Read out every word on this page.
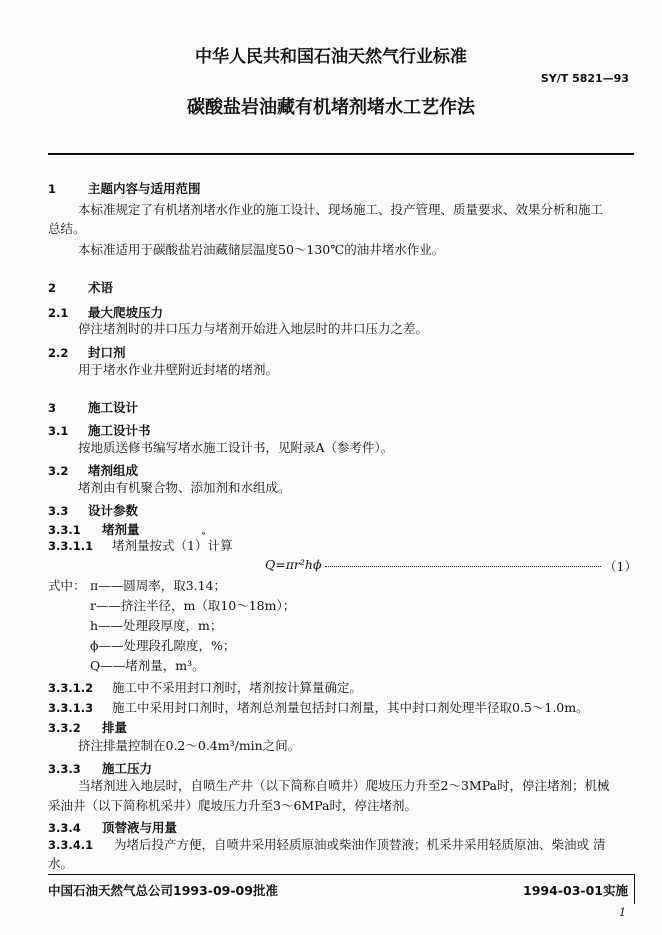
中华人民共和国石油天然气行业标准
SY/T 5821—93
碳酸盐岩油藏有机堵剂堵水工艺作法
1	主题内容与适用范围
本标准规定了有机堵剂堵水作业的施工设计、现场施工、投产管理、质量要求、效果分析和施工
总结。
本标准适用于碳酸盐岩油藏储层温度50～130℃的油井堵水作业。
2	术语
2.1 最大爬坡压力
停注堵剂时的井口压力与堵剂开始进入地层时的井口压力之差。
2.2 封口剂
用于堵水作业井壁附近封堵的堵剂。
3	施工设计
3.1 施工设计书
按地质送修书编写堵水施工设计书，见附录A（参考件）。
3.2 堵剂组成
堵剂由有机聚合物、添加剂和水组成。
3.3 设计参数
3.3.1 堵剂量	˳
3.3.1.1 堵剂量按式（1）计算
Q=πr²hϕ	（1）
式中： π——圆周率，取3.14；
r——挤注半径，m（取10～18m）；
h——处理段厚度，m；
ϕ——处理段孔隙度，%；
Q——堵剂量，m³。
3.3.1.2 施工中不采用封口剂时，堵剂按计算量确定。
3.3.1.3 施工中采用封口剂时，堵剂总剂量包括封口剂量，其中封口剂处理半径取0.5～1.0m。
3.3.2 排量
挤注排量控制在0.2～0.4m³/min之间。
3.3.3 施工压力
当堵剂进入地层时，自喷生产井（以下简称自喷井）爬坡压力升至2～3MPa时，停注堵剂；机械
采油井（以下简称机采井）爬坡压力升至3～6MPa时，停注堵剂。
3.3.4 顶替液与用量
3.3.4.1 为堵后投产方便，自喷井采用轻质原油或柴油作顶替液；机采井采用轻质原油、柴油或 清
水。
中国石油天然气总公司1993-09-09批准	1994-03-01实施
1
